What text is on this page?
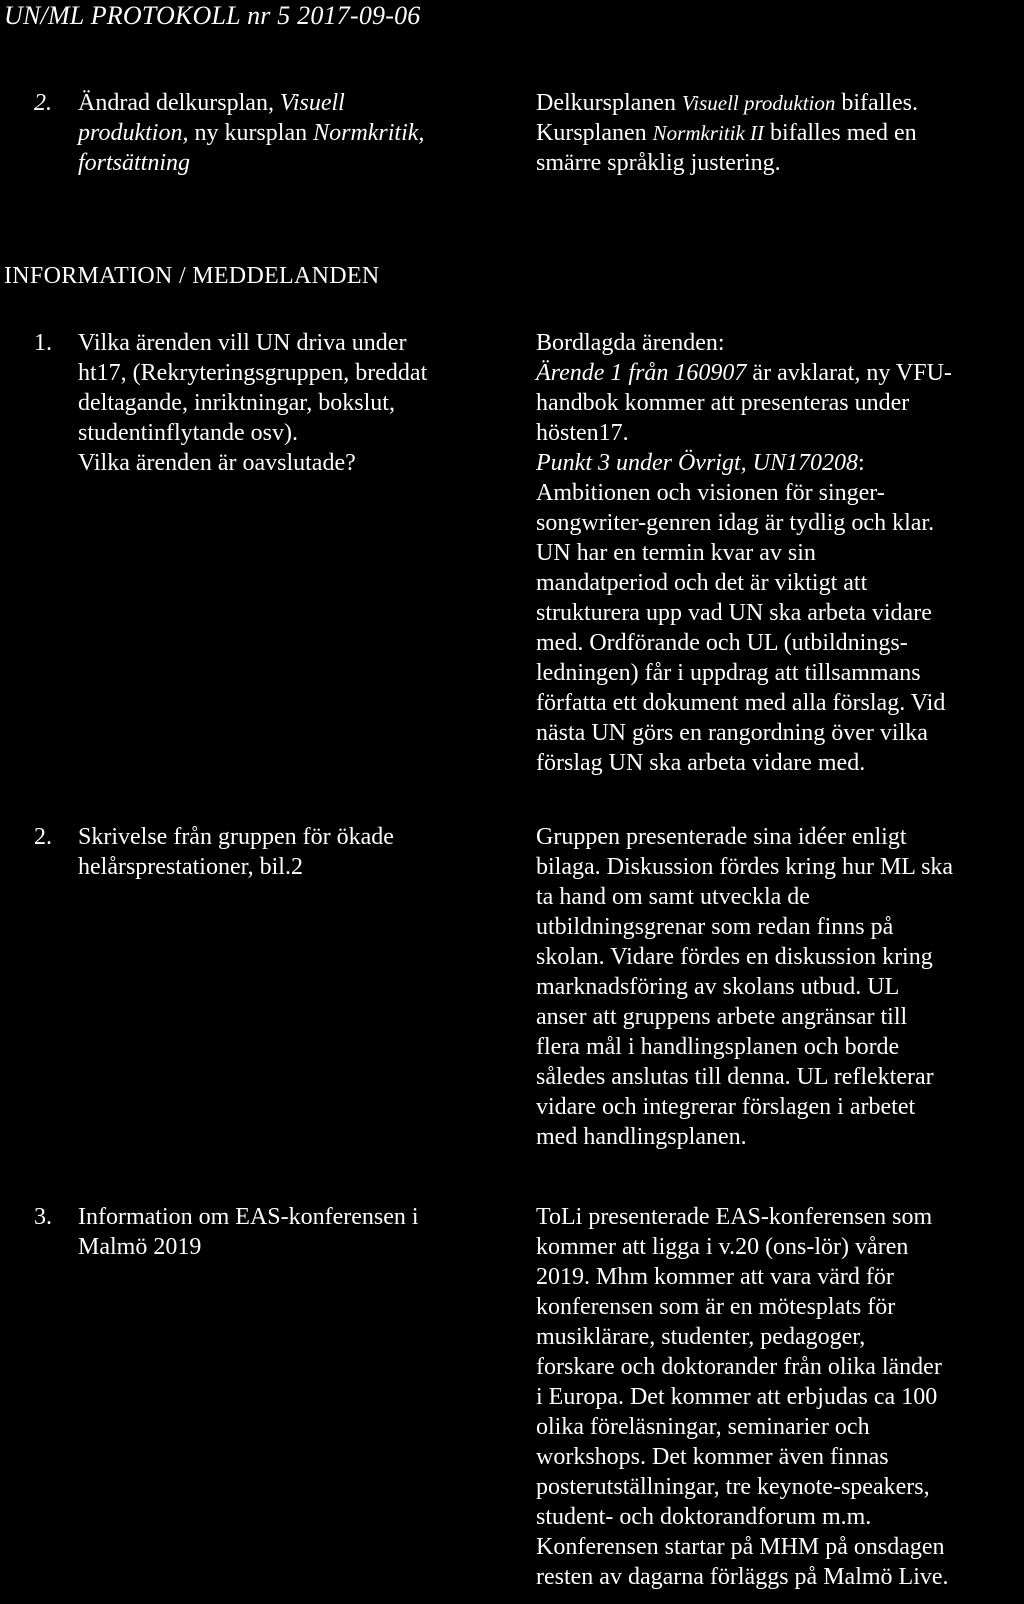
UN/ML PROTOKOLL nr 5 2017-09-06
2. Ändrad delkursplan, Visuell
produktion, ny kursplan Normkritik,
fortsättning
Delkursplanen Visuell produktion bifalles.
Kursplanen Normkritik II bifalles med en
smärre språklig justering.
INFORMATION / MEDDELANDEN
1. Vilka ärenden vill UN driva under
ht17, (Rekryteringsgruppen, breddat
deltagande, inriktningar, bokslut,
studentinflytande osv).
Vilka ärenden är oavslutade?
Bordlagda ärenden:
Ärende 1 från 160907 är avklarat, ny VFU-
handbok kommer att presenteras under
hösten17.
Punkt 3 under Övrigt, UN170208:
Ambitionen och visionen för singer-
songwriter-genren idag är tydlig och klar.
UN har en termin kvar av sin
mandatperiod och det är viktigt att
strukturera upp vad UN ska arbeta vidare
med. Ordförande och UL (utbildnings-
ledningen) får i uppdrag att tillsammans
författa ett dokument med alla förslag. Vid
nästa UN görs en rangordning över vilka
förslag UN ska arbeta vidare med.
2. Skrivelse från gruppen för ökade
helårsprestationer, bil.2
Gruppen presenterade sina idéer enligt
bilaga. Diskussion fördes kring hur ML ska
ta hand om samt utveckla de
utbildningsgrenar som redan finns på
skolan. Vidare fördes en diskussion kring
marknadsföring av skolans utbud. UL
anser att gruppens arbete angränsar till
flera mål i handlingsplanen och borde
således anslutas till denna. UL reflekterar
vidare och integrerar förslagen i arbetet
med handlingsplanen.
3. Information om EAS-konferensen i
Malmö 2019
ToLi presenterade EAS-konferensen som
kommer att ligga i v.20 (ons-lör) våren
2019. Mhm kommer att vara värd för
konferensen som är en mötesplats för
musiklärare, studenter, pedagoger,
forskare och doktorander från olika länder
i Europa. Det kommer att erbjudas ca 100
olika föreläsningar, seminarier och
workshops. Det kommer även finnas
posterutställningar, tre keynote-speakers,
student- och doktorandforum m.m.
Konferensen startar på MHM på onsdagen
resten av dagarna förläggs på Malmö Live.
